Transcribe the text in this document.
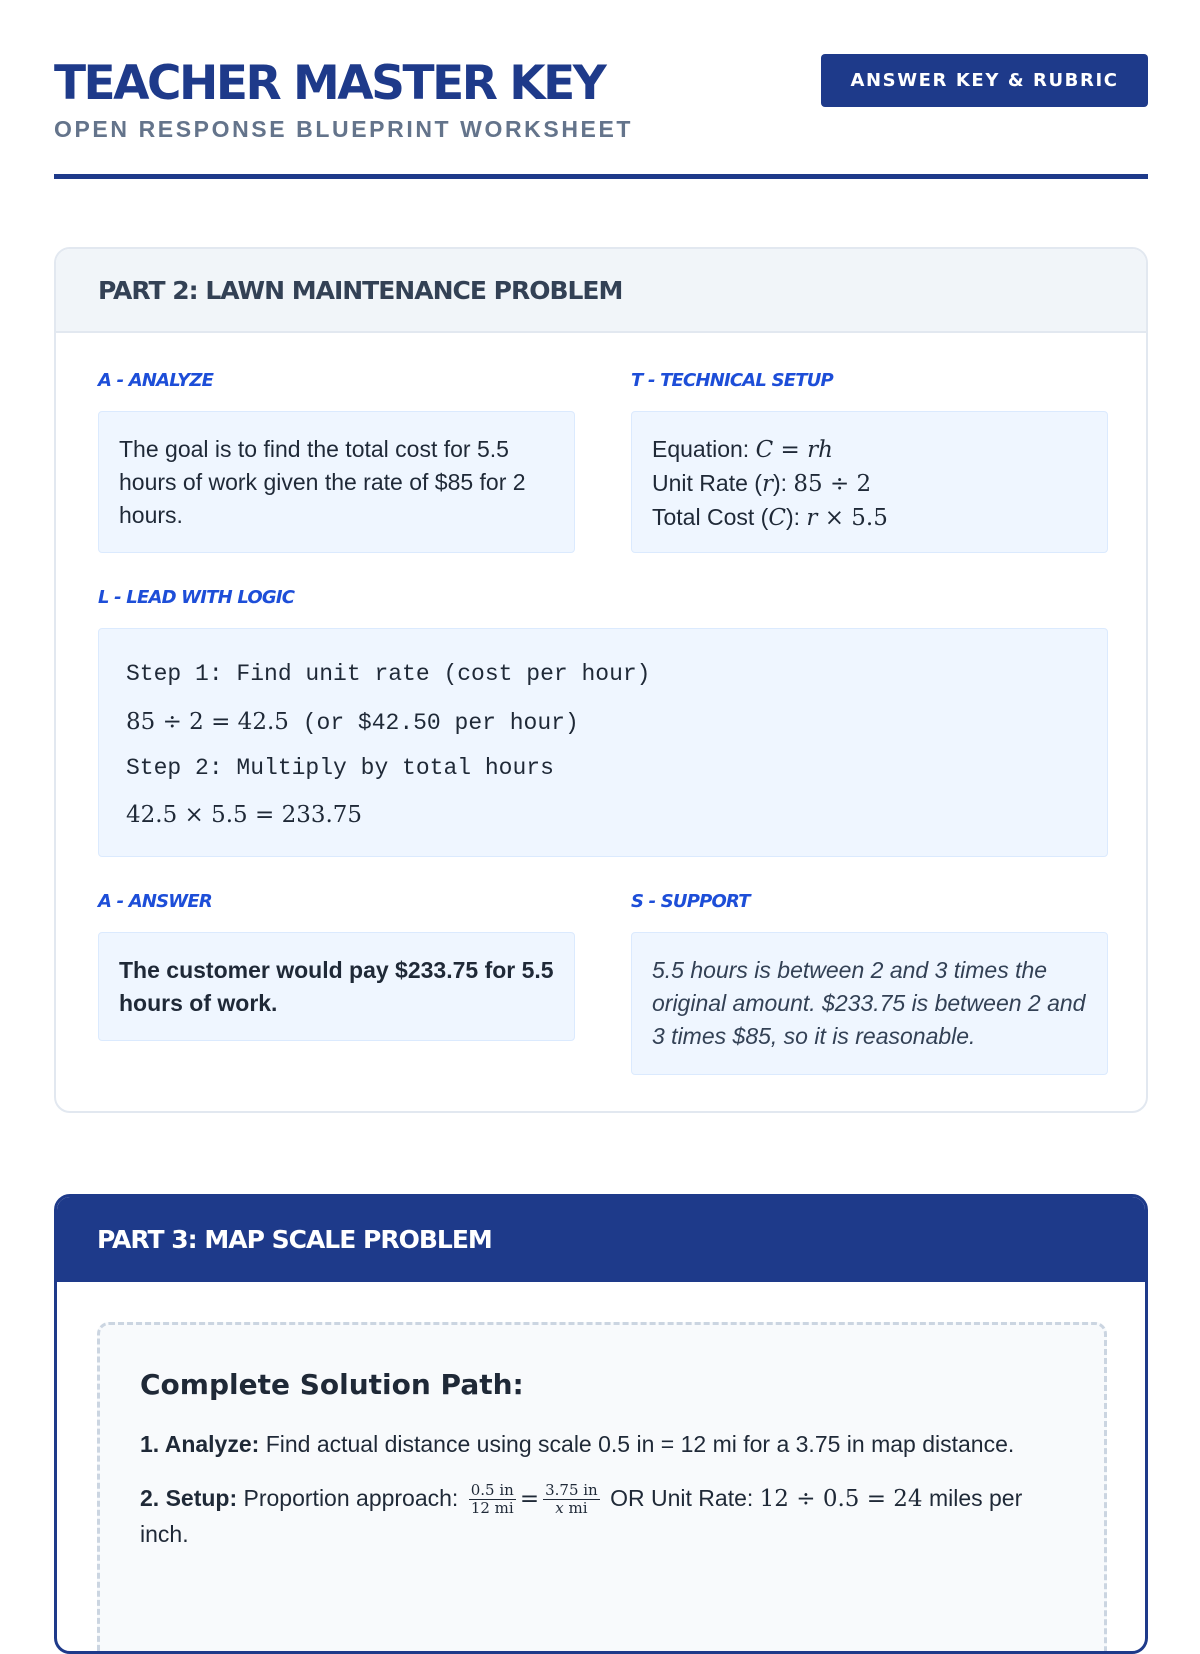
TEACHER MASTER KEY
OPEN RESPONSE BLUEPRINT WORKSHEET
ANSWER KEY & RUBRIC
PART 2: LAWN MAINTENANCE PROBLEM
A - ANALYZE
The goal is to find the total cost for 5.5 hours of work given the rate of $85 for 2 hours.
T - TECHNICAL SETUP
Equation: C = rh
Unit Rate (r): 85 ÷ 2
Total Cost (C): r × 5.5
L - LEAD WITH LOGIC
Step 1: Find unit rate (cost per hour)
85 ÷ 2 = 42.5 (or $42.50 per hour)
Step 2: Multiply by total hours
42.5 × 5.5 = 233.75
A - ANSWER
The customer would pay $233.75 for 5.5 hours of work.
S - SUPPORT
5.5 hours is between 2 and 3 times the original amount. $233.75 is between 2 and 3 times $85, so it is reasonable.
PART 3: MAP SCALE PROBLEM
Complete Solution Path:
1. Analyze: Find actual distance using scale 0.5 in = 12 mi for a 3.75 in map distance.
2. Setup: Proportion approach: $\frac{0.5 in}{12 mi} = \frac{3.75 in}{\text{x mi}}$ OR Unit Rate: 12 ÷ 0.5 = 24 miles per inch.
